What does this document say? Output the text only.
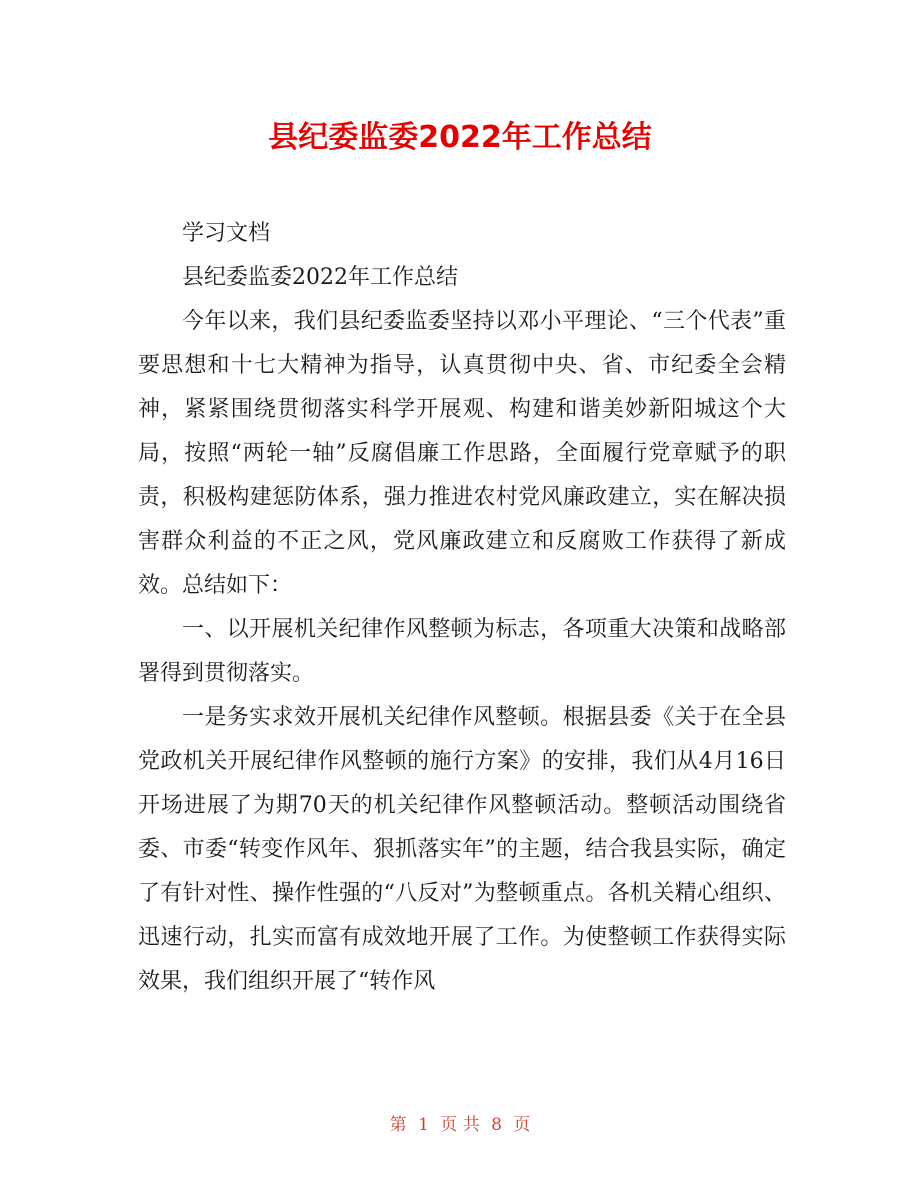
县纪委监委2022年工作总结

学习文档

县纪委监委2022年工作总结

今年以来，我们县纪委监委坚持以邓小平理论、“三个代表”重要思想和十七大精神为指导，认真贯彻中央、省、市纪委全会精神，紧紧围绕贯彻落实科学开展观、构建和谐美妙新阳城这个大局，按照“两轮一轴”反腐倡廉工作思路，全面履行党章赋予的职责，积极构建惩防体系，强力推进农村党风廉政建立，实在解决损害群众利益的不正之风，党风廉政建立和反腐败工作获得了新成效。总结如下：

一、以开展机关纪律作风整顿为标志，各项重大决策和战略部署得到贯彻落实。

一是务实求效开展机关纪律作风整顿。根据县委《关于在全县党政机关开展纪律作风整顿的施行方案》的安排，我们从4月16日开场进展了为期70天的机关纪律作风整顿活动。整顿活动围绕省委、市委“转变作风年、狠抓落实年”的主题，结合我县实际，确定了有针对性、操作性强的“八反对”为整顿重点。各机关精心组织、迅速行动，扎实而富有成效地开展了工作。为使整顿工作获得实际效果，我们组织开展了“转作风

第 1 页 共 8 页
